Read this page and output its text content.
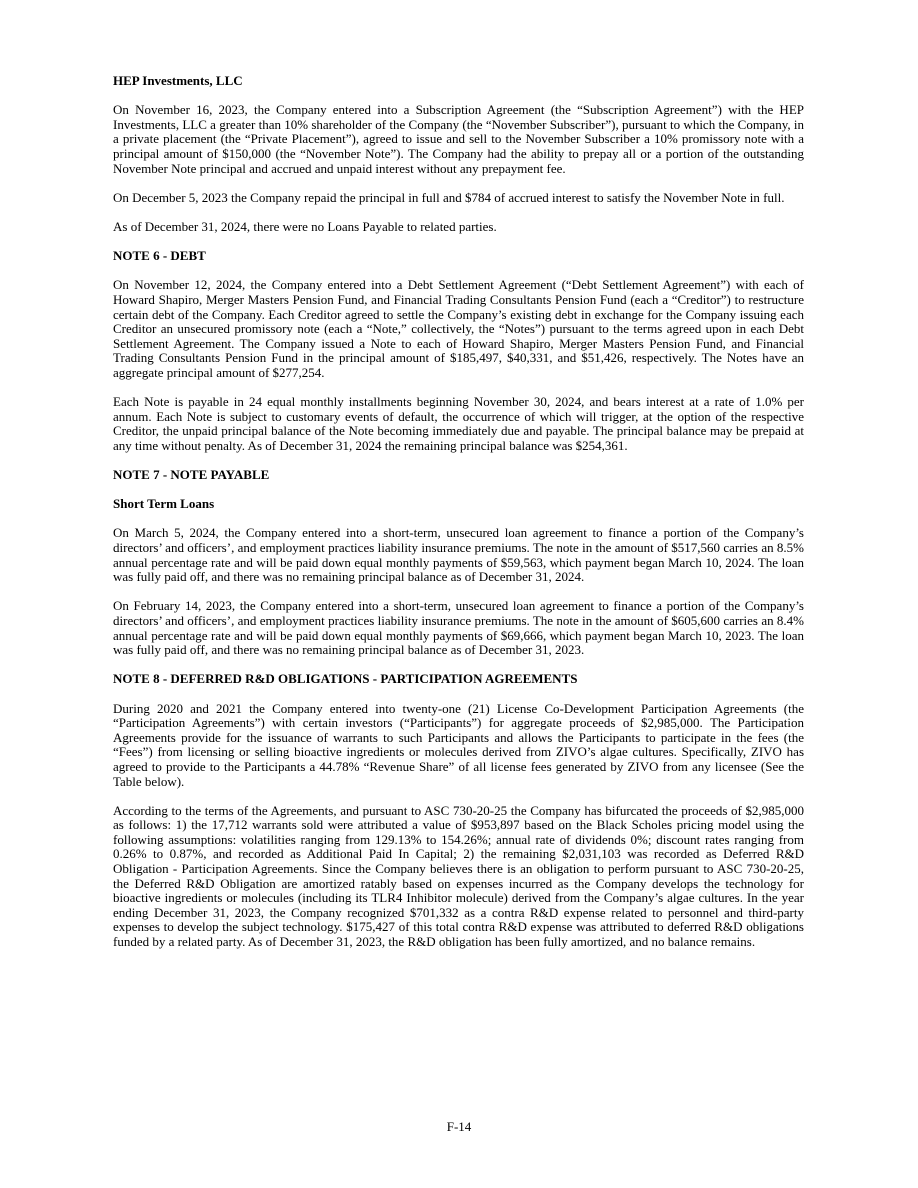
HEP Investments, LLC

On November 16, 2023, the Company entered into a Subscription Agreement (the “Subscription Agreement”) with the HEP Investments, LLC a greater than 10% shareholder of the Company (the “November Subscriber”), pursuant to which the Company, in a private placement (the “Private Placement”), agreed to issue and sell to the November Subscriber a 10% promissory note with a principal amount of $150,000 (the “November Note”). The Company had the ability to prepay all or a portion of the outstanding November Note principal and accrued and unpaid interest without any prepayment fee.

On December 5, 2023 the Company repaid the principal in full and $784 of accrued interest to satisfy the November Note in full.

As of December 31, 2024, there were no Loans Payable to related parties.

NOTE 6 - DEBT

On November 12, 2024, the Company entered into a Debt Settlement Agreement (“Debt Settlement Agreement”) with each of Howard Shapiro, Merger Masters Pension Fund, and Financial Trading Consultants Pension Fund (each a “Creditor”) to restructure certain debt of the Company. Each Creditor agreed to settle the Company’s existing debt in exchange for the Company issuing each Creditor an unsecured promissory note (each a “Note,” collectively, the “Notes”) pursuant to the terms agreed upon in each Debt Settlement Agreement. The Company issued a Note to each of Howard Shapiro, Merger Masters Pension Fund, and Financial Trading Consultants Pension Fund in the principal amount of $185,497, $40,331, and $51,426, respectively. The Notes have an aggregate principal amount of $277,254.

Each Note is payable in 24 equal monthly installments beginning November 30, 2024, and bears interest at a rate of 1.0% per annum. Each Note is subject to customary events of default, the occurrence of which will trigger, at the option of the respective Creditor, the unpaid principal balance of the Note becoming immediately due and payable. The principal balance may be prepaid at any time without penalty. As of December 31, 2024 the remaining principal balance was $254,361.

NOTE 7 - NOTE PAYABLE

Short Term Loans

On March 5, 2024, the Company entered into a short-term, unsecured loan agreement to finance a portion of the Company’s directors’ and officers’, and employment practices liability insurance premiums. The note in the amount of $517,560 carries an 8.5% annual percentage rate and will be paid down equal monthly payments of $59,563, which payment began March 10, 2024. The loan was fully paid off, and there was no remaining principal balance as of December 31, 2024.

On February 14, 2023, the Company entered into a short-term, unsecured loan agreement to finance a portion of the Company’s directors’ and officers’, and employment practices liability insurance premiums. The note in the amount of $605,600 carries an 8.4% annual percentage rate and will be paid down equal monthly payments of $69,666, which payment began March 10, 2023. The loan was fully paid off, and there was no remaining principal balance as of December 31, 2023.

NOTE 8 - DEFERRED R&D OBLIGATIONS - PARTICIPATION AGREEMENTS

During 2020 and 2021 the Company entered into twenty-one (21) License Co-Development Participation Agreements (the “Participation Agreements”) with certain investors (“Participants”) for aggregate proceeds of $2,985,000. The Participation Agreements provide for the issuance of warrants to such Participants and allows the Participants to participate in the fees (the “Fees”) from licensing or selling bioactive ingredients or molecules derived from ZIVO’s algae cultures. Specifically, ZIVO has agreed to provide to the Participants a 44.78% “Revenue Share” of all license fees generated by ZIVO from any licensee (See the Table below).

According to the terms of the Agreements, and pursuant to ASC 730-20-25 the Company has bifurcated the proceeds of $2,985,000 as follows: 1) the 17,712 warrants sold were attributed a value of $953,897 based on the Black Scholes pricing model using the following assumptions: volatilities ranging from 129.13% to 154.26%; annual rate of dividends 0%; discount rates ranging from 0.26% to 0.87%, and recorded as Additional Paid In Capital; 2) the remaining $2,031,103 was recorded as Deferred R&D Obligation - Participation Agreements. Since the Company believes there is an obligation to perform pursuant to ASC 730-20-25, the Deferred R&D Obligation are amortized ratably based on expenses incurred as the Company develops the technology for bioactive ingredients or molecules (including its TLR4 Inhibitor molecule) derived from the Company’s algae cultures. In the year ending December 31, 2023, the Company recognized $701,332 as a contra R&D expense related to personnel and third-party expenses to develop the subject technology. $175,427 of this total contra R&D expense was attributed to deferred R&D obligations funded by a related party. As of December 31, 2023, the R&D obligation has been fully amortized, and no balance remains.

F-14
